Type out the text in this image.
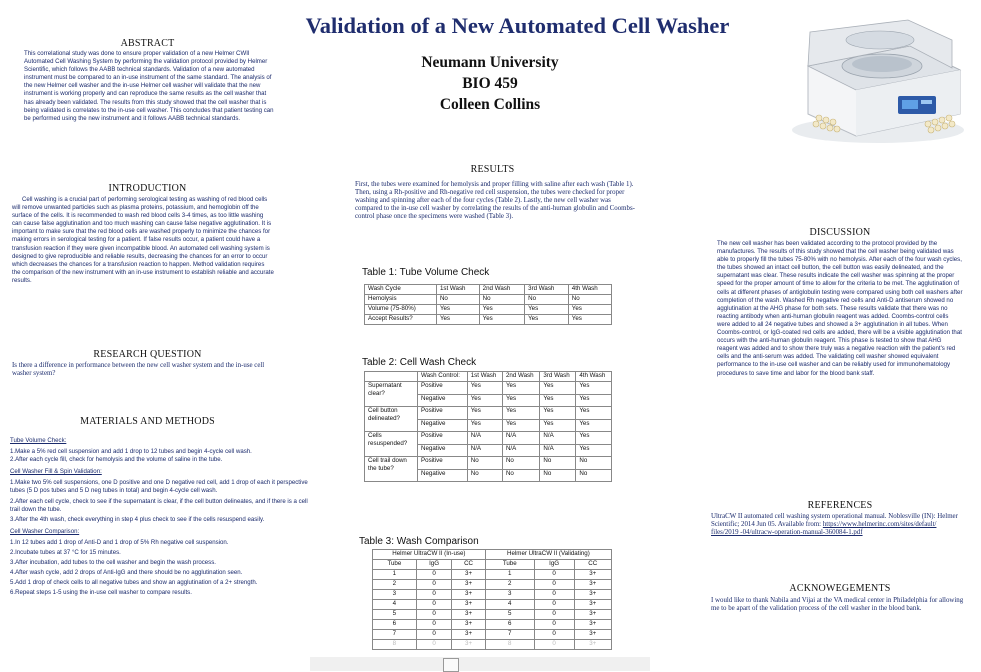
Validation of a New Automated Cell Washer
Neumann University
BIO 459
Colleen Collins
ABSTRACT
This correlational study was done to ensure proper validation of a new Helmer CWII Automated Cell Washing System by performing the validation protocol provided by Helmer Scientific, which follows the AABB technical standards. Validation of a new automated instrument must be compared to an in-use instrument of the same standard. The analysis of the new Helmer cell washer and the in-use Helmer cell washer will validate that the new instrument is working properly and can reproduce the same results as the cell washer that has already been validated. The results from this study showed that the cell washer that is being validated is correlates to the in-use cell washer. This concludes that patient testing can be performed using the new instrument and it follows AABB technical standards.
INTRODUCTION
Cell washing is a crucial part of performing serological testing as washing of red blood cells will remove unwanted particles such as plasma proteins, potassium, and hemoglobin off the surface of the cells. It is recommended to wash red blood cells 3-4 times, as too little washing can cause false agglutination and too much washing can cause false negative agglutination. It is important to make sure that the red blood cells are washed properly to minimize the chances for making errors in serological testing for a patient. If false results occur, a patient could have a transfusion reaction if they were given incompatible blood. An automated cell washing system is designed to give reproducible and reliable results, decreasing the chances for an error to occur which decreases the chances for a transfusion reaction to happen. Method validation requires the comparison of the new instrument with an in-use instrument to establish reliable and accurate results.
RESEARCH QUESTION
Is there a difference in performance between the new cell washer system and the in-use cell washer system?
MATERIALS AND METHODS
Tube Volume Check:
1.Make a 5% red cell suspension and add 1 drop to 12 tubes and begin 4-cycle cell wash.
2.After each cycle fill, check for hemolysis and the volume of saline in the tube.
Cell Washer Fill & Spin Validation:
1.Make two 5% cell suspensions, one D positive and one D negative red cell, add 1 drop of each it perspective tubes (5 D pos tubes and 5 D neg tubes in total) and begin 4-cycle cell wash.
2.After each cell cycle, check to see if the supernatant is clear, if the cell button delineates, and if there is a cell trail down the tube.
3.After the 4th wash, check everything in step 4 plus check to see if the cells resuspend easily.
Cell Washer Comparison:
1.In 12 tubes add 1 drop of Anti-D and 1 drop of 5% Rh negative cell suspension.
2.Incubate tubes at 37 °C for 15 minutes.
3.After incubation, add tubes to the cell washer and begin the wash process.
4.After wash cycle, add 2 drops of Anti-IgG and there should be no agglutination seen.
5.Add 1 drop of check cells to all negative tubes and show an agglutination of a 2+ strength.
6.Repeat steps 1-5 using the in-use cell washer to compare results.
RESULTS
First, the tubes were examined for hemolysis and proper filling with saline after each wash (Table 1). Then, using a Rh-positive and Rh-negative red cell suspension, the tubes were checked for proper washing and spinning after each of the four cycles (Table 2). Lastly, the new cell washer was compared to the in-use cell washer by correlating the results of the anti-human globulin and Coombs-control phase once the specimens were washed (Table 3).
Table 1: Tube Volume Check
Wash Cycle	1st Wash	2nd Wash	3rd Wash	4th Wash
Hemolysis	No	No	No	No
Volume (75-80%)	Yes	Yes	Yes	Yes
Accept Results?	Yes	Yes	Yes	Yes
Table 2: Cell Wash Check
	Wash Control:	1st Wash	2nd Wash	3rd Wash	4th Wash
Supernatant clear?	Positive	Yes	Yes	Yes	Yes
	Negative	Yes	Yes	Yes	Yes
Cell button delineated?	Positive	Yes	Yes	Yes	Yes
	Negative	Yes	Yes	Yes	Yes
Cells resuspended?	Positive	N/A	N/A	N/A	Yes
	Negative	N/A	N/A	N/A	Yes
Cell trail down the tube?	Positive	No	No	No	No
	Negative	No	No	No	No
Table 3: Wash Comparison
Helmer UltraCW II (In-use)			Helmer UltraCW II (Validating)		
Tube	IgG	CC	Tube	IgG	CC
1	0	3+	1	0	3+
2	0	3+	2	0	3+
3	0	3+	3	0	3+
4	0	3+	4	0	3+
5	0	3+	5	0	3+
6	0	3+	6	0	3+
7	0	3+	7	0	3+
8	0	3+	8	0	3+
DISCUSSION
The new cell washer has been validated according to the protocol provided by the manufactures. The results of this study showed that the cell washer being validated was able to properly fill the tubes 75-80% with no hemolysis. After each of the four wash cycles, the tubes showed an intact cell button, the cell button was easily delineated, and the supernatant was clear. These results indicate the cell washer was spinning at the proper speed for the proper amount of time to allow for the criteria to be met. The agglutination of cells at different phases of antiglobulin testing were compared using both cell washers after completion of the wash. Washed Rh negative red cells and Anti-D antiserum showed no agglutination at the AHG phase for both sets. These results validate that there was no reacting antibody when anti-human globulin reagent was added. Coombs-control cells were added to all 24 negative tubes and showed a 3+ agglutination in all tubes. When Coombs-control, or IgG-coated red cells are added, there will be a visible agglutination that occurs with the anti-human globulin reagent. This phase is tested to show that AHG reagent was added and to show there truly was a negative reaction with the patient's red cells and the anti-serum was added. The validating cell washer showed equivalent performance to the in-use cell washer and can be reliably used for immunohematology procedures to save time and labor for the blood bank staff.
REFERENCES
UltraCW II automated cell washing system operational manual. Noblesville (IN): Helmer Scientific; 2014 Jun 05. Available from: https://www.helmerinc.com/sites/default/ files/2019 -04/ultracw-operation-manual-360084-1.pdf
ACKNOWEGEMENTS
I would like to thank Nabila and Vijai at the VA medical center in Philadelphia for allowing me to be apart of the validation process of the cell washer in the blood bank.
